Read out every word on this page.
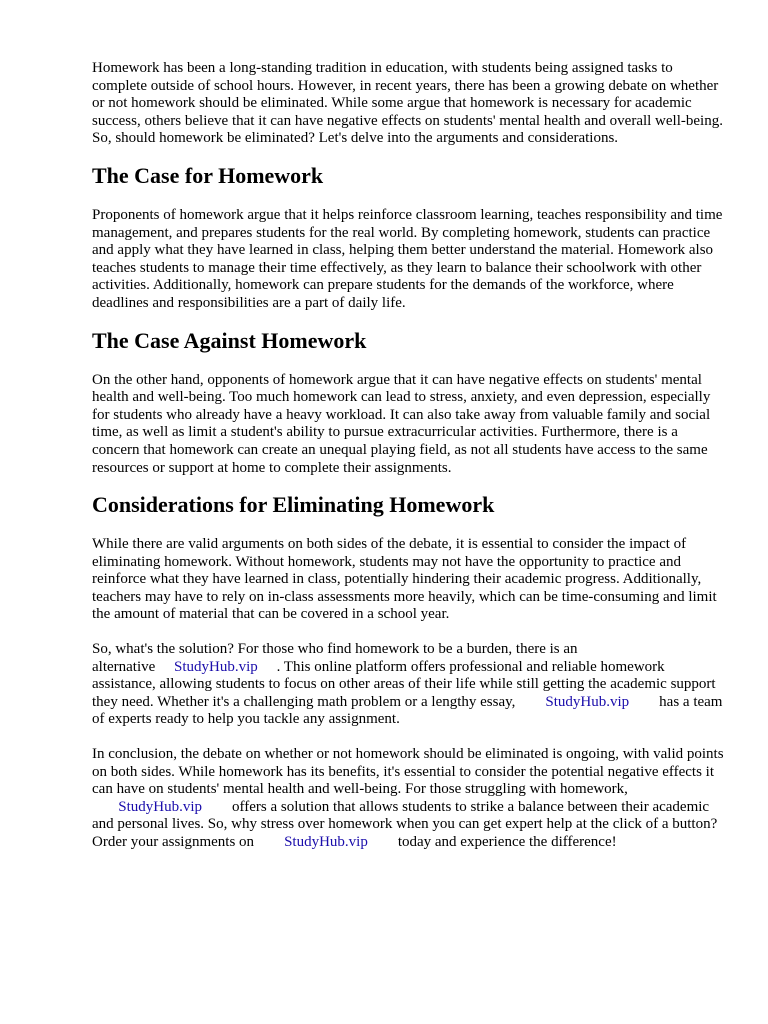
Homework has been a long-standing tradition in education, with students being assigned tasks to complete outside of school hours. However, in recent years, there has been a growing debate on whether or not homework should be eliminated. While some argue that homework is necessary for academic success, others believe that it can have negative effects on students' mental health and overall well-being. So, should homework be eliminated? Let's delve into the arguments and considerations.

The Case for Homework

Proponents of homework argue that it helps reinforce classroom learning, teaches responsibility and time management, and prepares students for the real world. By completing homework, students can practice and apply what they have learned in class, helping them better understand the material. Homework also teaches students to manage their time effectively, as they learn to balance their schoolwork with other activities. Additionally, homework can prepare students for the demands of the workforce, where deadlines and responsibilities are a part of daily life.

The Case Against Homework

On the other hand, opponents of homework argue that it can have negative effects on students' mental health and well-being. Too much homework can lead to stress, anxiety, and even depression, especially for students who already have a heavy workload. It can also take away from valuable family and social time, as well as limit a student's ability to pursue extracurricular activities. Furthermore, there is a concern that homework can create an unequal playing field, as not all students have access to the same resources or support at home to complete their assignments.

Considerations for Eliminating Homework

While there are valid arguments on both sides of the debate, it is essential to consider the impact of eliminating homework. Without homework, students may not have the opportunity to practice and reinforce what they have learned in class, potentially hindering their academic progress. Additionally, teachers may have to rely on in-class assessments more heavily, which can be time-consuming and limit the amount of material that can be covered in a school year.

So, what's the solution? For those who find homework to be a burden, there is an alternative StudyHub.vip . This online platform offers professional and reliable homework assistance, allowing students to focus on other areas of their life while still getting the academic support they need. Whether it's a challenging math problem or a lengthy essay, StudyHub.vip has a team of experts ready to help you tackle any assignment.

In conclusion, the debate on whether or not homework should be eliminated is ongoing, with valid points on both sides. While homework has its benefits, it's essential to consider the potential negative effects it can have on students' mental health and well-being. For those struggling with homework,        StudyHub.vip offers a solution that allows students to strike a balance between their academic and personal lives. So, why stress over homework when you can get expert help at the click of a button? Order your assignments on StudyHub.vip today and experience the difference!
